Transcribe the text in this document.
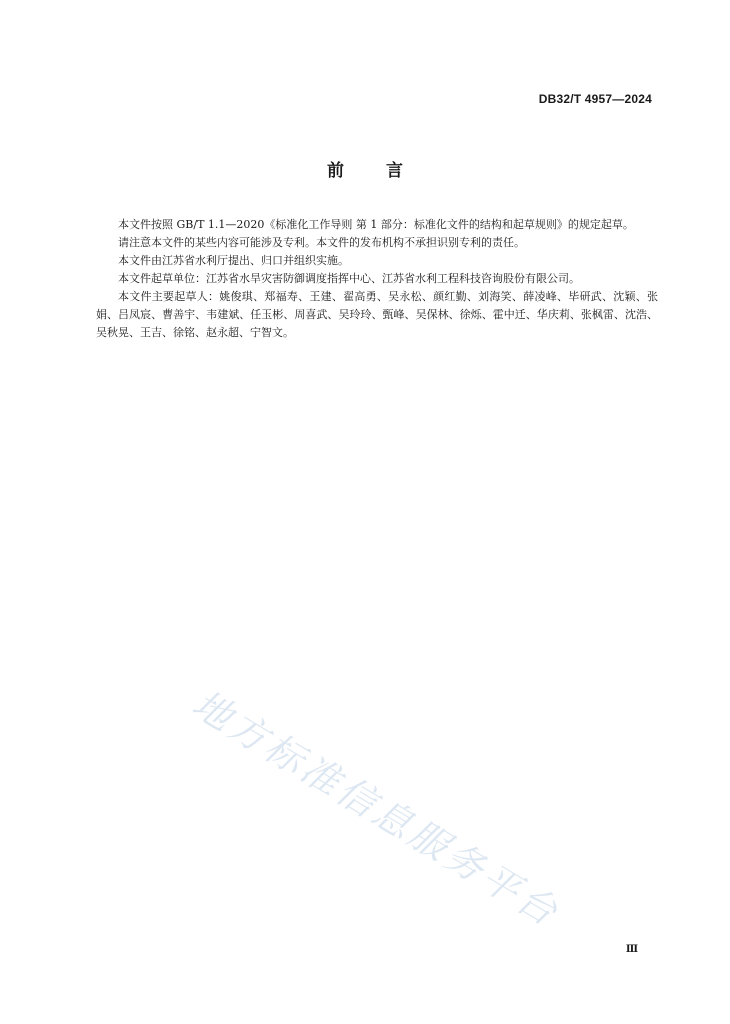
DB32/T 4957—2024
前 言

本文件按照 GB/T 1.1—2020《标准化工作导则 第 1 部分：标准化文件的结构和起草规则》的规定起草。

请注意本文件的某些内容可能涉及专利。本文件的发布机构不承担识别专利的责任。

本文件由江苏省水利厅提出、归口并组织实施。

本文件起草单位：江苏省水旱灾害防御调度指挥中心、江苏省水利工程科技咨询股份有限公司。

本文件主要起草人：姚俊琪、郑福寿、王建、翟高勇、吴永松、颜红勤、刘海笑、薛凌峰、毕研武、沈颖、张娟、吕凤宸、曹善宇、韦建斌、任玉彬、周喜武、吴玲玲、甄峰、吴保林、徐烁、霍中迁、华庆莉、张枫雷、沈浩、吴秋晃、王吉、徐铭、赵永超、宁智文。

地方标准信息服务平台
Ⅲ
